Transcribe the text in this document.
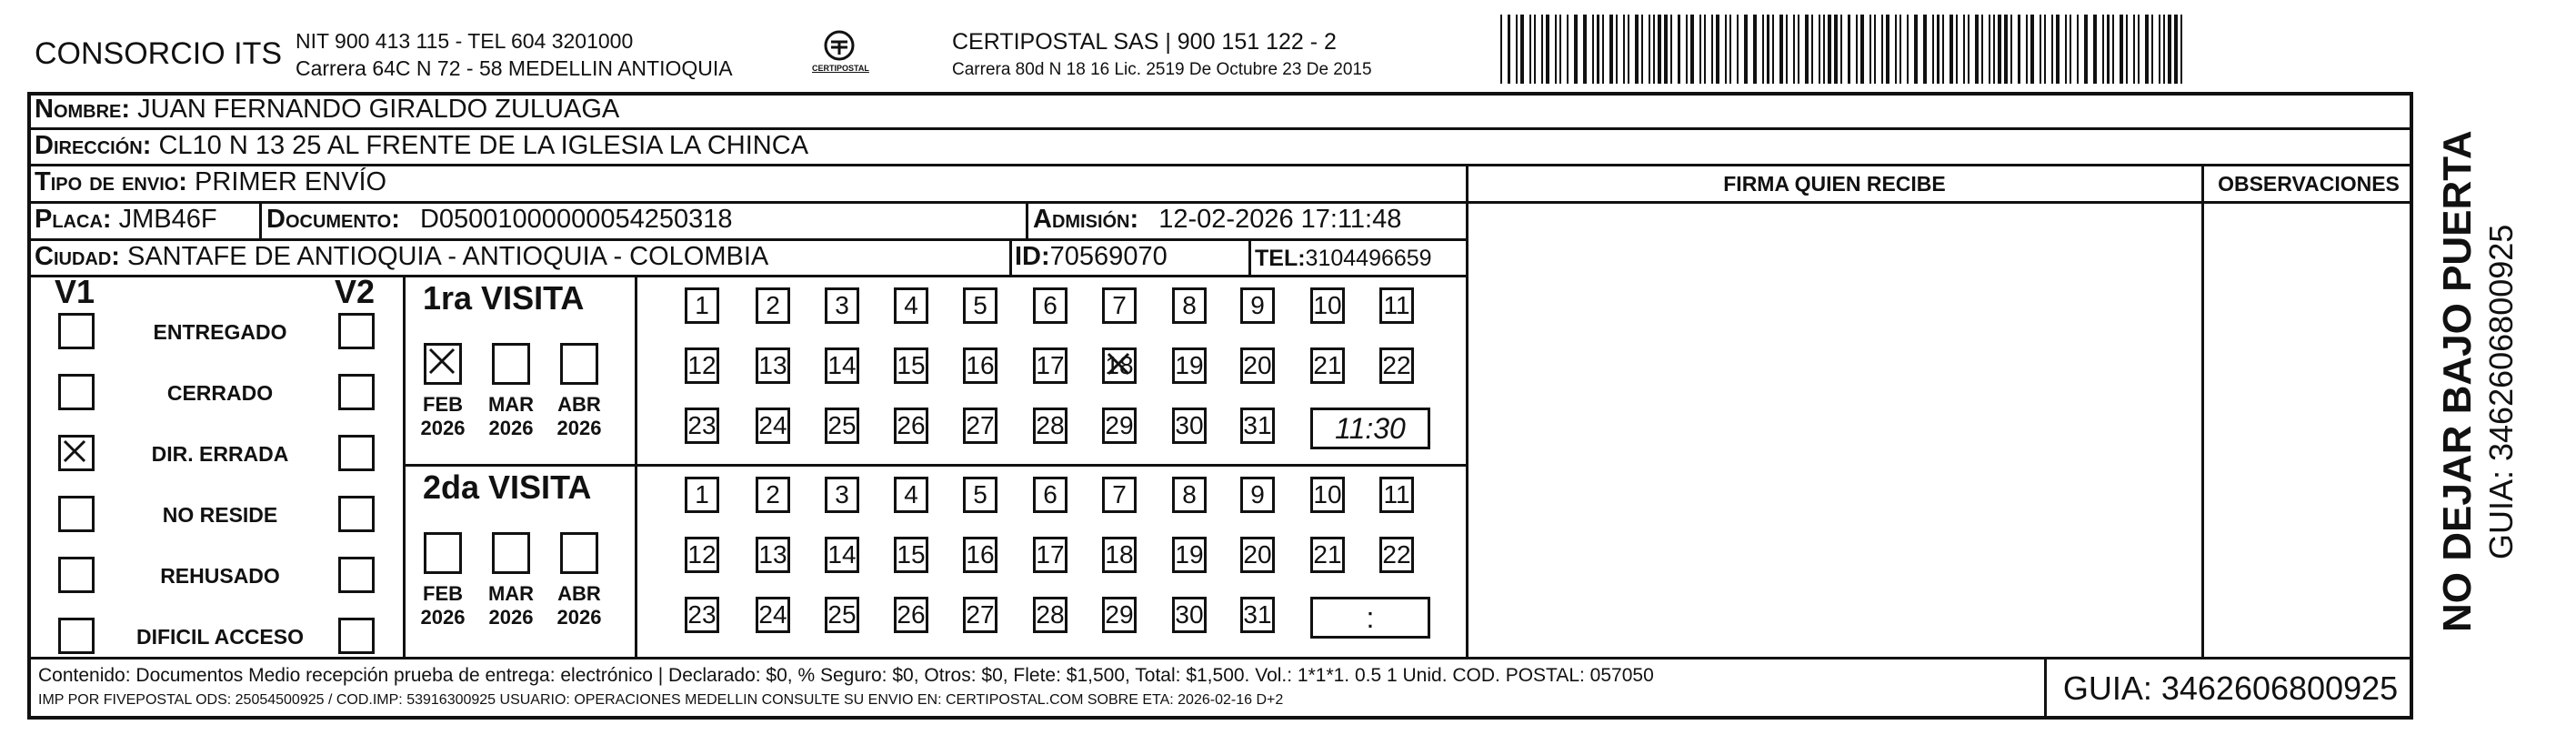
CONSORCIO ITS NIT 900 413 115 - TEL 604 3201000
Carrera 64C N 72 - 58 MEDELLIN ANTIOQUIA	CERTIPOSTAL
CERTIPOSTAL SAS | 900 151 122 - 2
Carrera 80d N 18 16 Lic. 2519 De Octubre 23 De 2015
Nombre: JUAN FERNANDO GIRALDO ZULUAGA
Dirección: CL10 N 13 25 AL FRENTE DE LA IGLESIA LA CHINCA
Tipo de envio: PRIMER ENVÍO
Placa: JMB46F Documento: D05001000000054250318	Admisión: 12-02-2026 17:11:48
Ciudad: SANTAFE DE ANTIOQUIA - ANTIOQUIA - COLOMBIA	ID:70569070	TEL:3104496659
FIRMA QUIEN RECIBE	OBSERVACIONES
V1	V2
ENTREGADO
CERRADO
DIR. ERRADA
NO RESIDE
REHUSADO
DIFICIL ACCESO
1ra VISITA
FEB
2026
MAR
2026
ABR
2026
1	2	3	4	5	6	7	8	9	10 11
12 13 14 15 16 17 18 19 20 21 22
23 24 25 26 27 28 29 30 31	11:30
2da VISITA
FEB
2026
MAR
2026
ABR
2026
1	2	3	4	5	6	7	8	9	10 11
12 13 14 15 16 17 18 19 20 21 22
23 24 25 26 27 28 29 30 31	:
Contenido: Documentos Medio recepción prueba de entrega: electrónico | Declarado: $0, % Seguro: $0, Otros: $0, Flete: $1,500, Total: $1,500. Vol.: 1*1*1. 0.5 1 Unid. COD. POSTAL: 057050
IMP POR FIVEPOSTAL ODS: 25054500925 / COD.IMP: 53916300925 USUARIO: OPERACIONES MEDELLIN CONSULTE SU ENVIO EN: CERTIPOSTAL.COM SOBRE ETA: 2026-02-16 D+2	GUIA: 3462606800925
NO DEJAR BAJO PUERTA GUIA: 3462606800925
